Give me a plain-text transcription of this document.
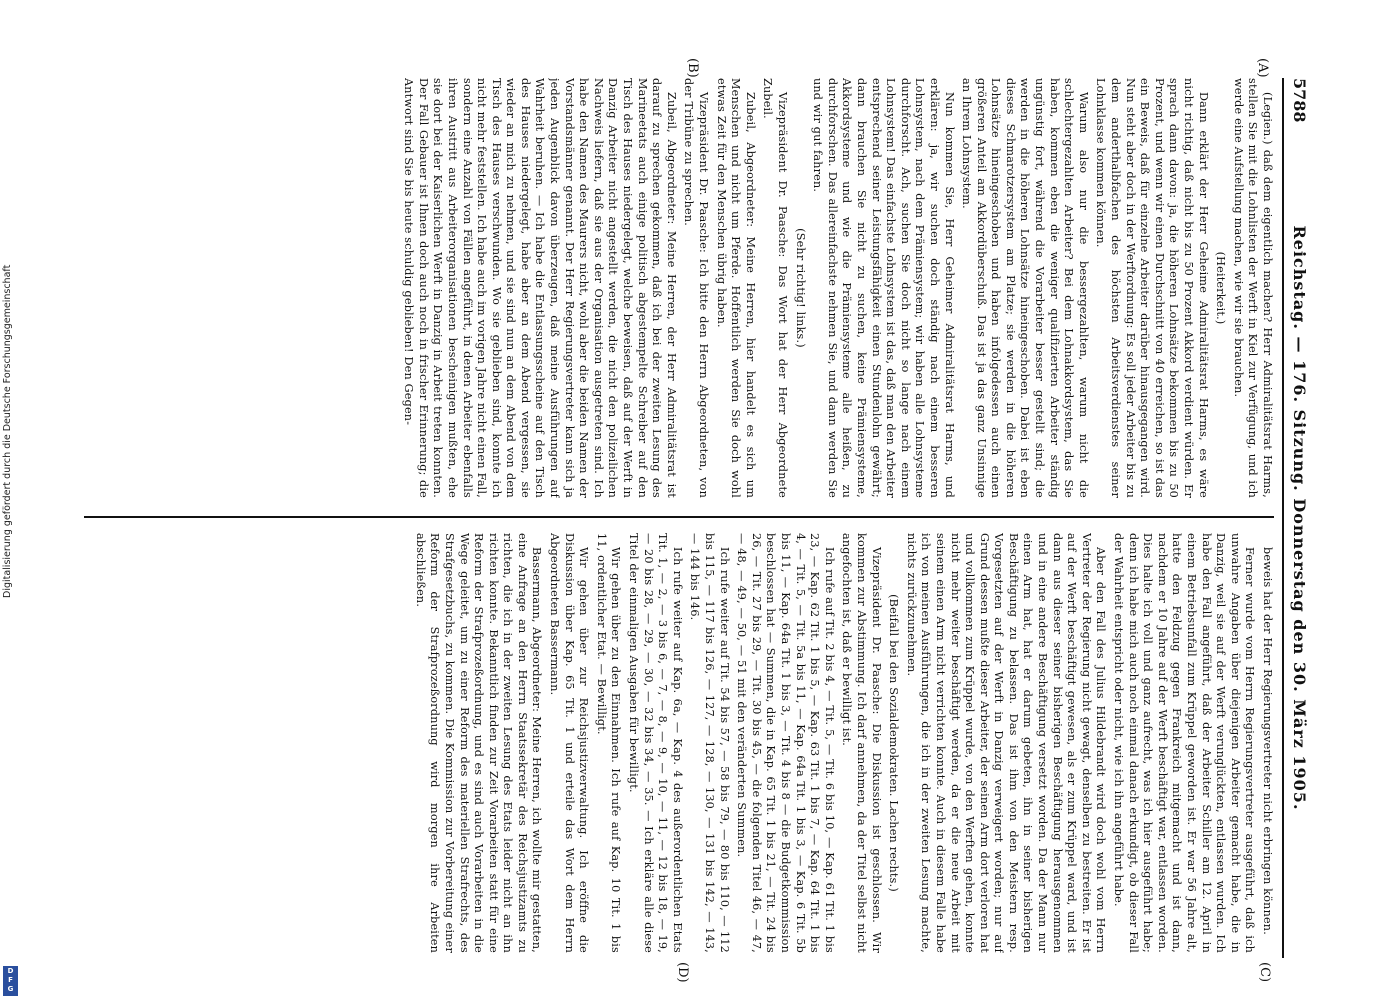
5788
Reichstag. — 176. Sitzung. Donnerstag den 30. März 1905.
(A)
(B)
(C)
(D)

(Legien.) daß dem eigentlich machen? Herr Admiralitätsrat Harms, stellen Sie mit die Lohnlisten der Werft in Kiel zur Verfügung, und ich werde eine Aufstellung machen, wie wir sie brauchen.

(Heiterkeit.)

Dann erklärt der Herr Geheime Admiralitätsrat Harms, es wäre nicht richtig, daß nicht bis zu 50 Prozent Akkord verdient würden. Er sprach dann davon: ja, die höheren Lohnsätze bekommen bis zu 50 Prozent, und wenn wir einen Durchschnitt von 40 erreichen, so ist das ein Beweis, daß für einzelne Arbeiter darüber hinausgegangen wird. Nun steht aber doch in der Werftordnung: Es soll jeder Arbeiter bis zu dem anderthalbfachen des höchsten Arbeitsverdienstes seiner Lohnklasse kommen können.

Warum also nur die bessergezahlten, warum nicht die schlechtergezahlten Arbeiter? Bei dem Lohnakkordsystem, das Sie haben, kommen eben die weniger qualifizierten Arbeiter ständig ungünstig fort, während die Vorarbeiter besser gestellt sind; die werden in die höheren Lohnsätze hineingeschoben. Dabei ist eben dieses Schmarotzersystem am Platze; sie werden in die höheren Lohnsätze hineingeschoben und haben infolgedessen auch einen größeren Anteil am Akkordüberschuß. Das ist ja das ganz Unsinnige an Ihrem Lohnsystem.

Nun kommen Sie, Herr Geheimer Admiralitätsrat Harms, und erklären: ja, wir suchen doch ständig nach einem besseren Lohnsystem, nach dem Prämiensystem; wir haben alle Lohnsysteme durchforscht. Ach, suchen Sie doch nicht so lange nach einem Lohnsystem! Das einfachste Lohnsystem ist das, daß man den Arbeiter entsprechend seiner Leistungsfähigkeit einen Stundenlohn gewährt; dann brauchen Sie nicht zu suchen, keine Prämiensysteme, Akkordsysteme und wie die Prämiensysteme alle heißen, zu durchforschen. Das allereinfachste nehmen Sie, und dann werden Sie und wir gut fahren.

(Sehr richtig! links.)

Vizepräsident Dr. Paasche: Das Wort hat der Herr Abgeordnete Zubeil.

Zubeil, Abgeordneter: Meine Herren, hier handelt es sich um Menschen und nicht um Pferde. Hoffentlich werden Sie doch wohl etwas Zeit für den Menschen übrig haben.

Vizepräsident Dr. Paasche: Ich bitte den Herrn Abgeordneten, von der Tribüne zu sprechen.

Zubeil, Abgeordneter: Meine Herren, der Herr Admiralitätsrat ist darauf zu sprechen gekommen, daß ich bei der zweiten Lesung des Marineetats auch einige politisch abgestempelte Schreiber auf den Tisch des Hauses niedergelegt, welche beweisen, daß auf der Werft in Danzig Arbeiter nicht angestellt werden, die nicht den polizeilichen Nachweis liefern, daß sie aus der Organisation ausgetreten sind. Ich habe den Namen des Maurers nicht, wohl aber die beiden Namen der Vorstandsmänner genannt. Der Herr Regierungsvertreter kann sich ja jeden Augenblick davon überzeugen, daß meine Ausführungen auf Wahrheit beruhen. — Ich habe die Entlassungsscheine auf den Tisch des Hauses niedergelegt, habe aber an dem Abend vergessen, sie wieder an mich zu nehmen, und sie sind nun an dem Abend von dem Tisch des Hauses verschwunden. Wo sie geblieben sind, konnte ich nicht mehr feststellen. Ich habe auch im vorigen Jahre nicht einen Fall, sondern eine Anzahl von Fällen angeführt, in denen Arbeiter ebenfalls ihren Austritt aus Arbeiterorganisationen bescheinigen mußten, ehe sie dort bei der Kaiserlichen Werft in Danzig in Arbeit treten konnten. Der Fall Gebauer ist Ihnen doch auch noch in frischer Erinnerung; die Antwort sind Sie bis heute schuldig geblieben! Den Gegen-

beweis hat der Herr Regierungsvertreter nicht erbringen können.

Ferner wurde vom Herrn Regierungsvertreter ausgeführt, daß ich unwahre Angaben über diejenigen Arbeiter gemacht habe, die in Danzig, weil sie auf der Werft verunglückten, entlassen wurden. Ich habe den Fall angeführt, daß der Arbeiter Schiller am 12. April in einem Betriebsunfall zum Krüppel geworden ist. Er war 56 Jahre alt, hatte den Feldzug gegen Frankreich mitgemacht und ist dann, nachdem er 10 Jahre auf der Werft beschäftigt war, entlassen worden. Dies halte ich voll und ganz aufrecht, was ich hier ausgeführt habe; denn ich habe mich auch noch einmal danach erkundigt, ob dieser Fall der Wahrheit entspricht oder nicht, wie ich ihn angeführt habe.

Aber den Fall des Julius Hildebrandt wird doch wohl vom Herrn Vertreter der Regierung nicht gewagt, denselben zu bestreiten. Er ist auf der Werft beschäftigt gewesen, als er zum Krüppel ward, und ist dann aus dieser seiner bisherigen Beschäftigung herausgenommen und in eine andere Beschäftigung versetzt worden. Da der Mann nur einen Arm hat, hat er darum gebeten, ihn in seiner bisherigen Beschäftigung zu belassen. Das ist ihm von den Meistern resp. Vorgesetzten auf der Werft in Danzig verweigert worden; nur auf Grund dessen mußte dieser Arbeiter, der seinen Arm dort verloren hat und vollkommen zum Krüppel wurde, von den Werften gehen, konnte nicht mehr weiter beschäftigt werden, da er die neue Arbeit mit seinem einen Arm nicht verrichten konnte. Auch in diesem Falle habe ich von meinen Ausführungen, die ich in der zweiten Lesung machte, nichts zurückzunehmen.

(Beifall bei den Sozialdemokraten. Lachen rechts.)

Vizepräsident Dr. Paasche: Die Diskussion ist geschlossen. Wir kommen zur Abstimmung. Ich darf annehmen, da der Titel selbst nicht angefochten ist, daß er bewilligt ist.

Ich rufe auf Tit. 2 bis 4, — Tit. 5, — Tit. 6 bis 10, — Kap. 61 Tit. 1 bis 23, — Kap. 62 Tit. 1 bis 5, — Kap. 63 Tit. 1 bis 7, — Kap. 64 Tit. 1 bis 4, — Tit. 5, — Tit. 5a bis 11, — Kap. 64a Tit. 1 bis 3, — Kap. 6 Tit. 5b bis 11, — Kap. 64a Tit. 1 bis 3, — Tit. 4 bis 8 — die Budgetkommission beschlossen hat — Summen, die in Kap. 65 Tit. 1 bis 21, — Tit. 24 bis 26, — Tit. 27 bis 29, — Tit. 30 bis 45, — die folgenden Titel 46, — 47, — 48, — 49, — 50, — 51 mit den veränderten Summen.

Ich rufe weiter auf Tit. 54 bis 57, — 58 bis 79, — 80 bis 110, — 112 bis 115, — 117 bis 126, — 127, — 128, — 130, — 131 bis 142, — 143, — 144 bis 146.

Ich rufe weiter auf Kap. 6a, — Kap. 4 des außerordentlichen Etats Tit. 1, — 2, — 3 bis 6, — 7, — 8, — 9, — 10, — 11, — 12 bis 18, — 19, — 20 bis 28, — 29, — 30, — 32 bis 34, — 35. — Ich erkläre alle diese Titel der einmaligen Ausgaben für bewilligt.

Wir gehen über zu den Einnahmen. Ich rufe auf Kap. 10 Tit. 1 bis 11, ordentlicher Etat. — Bewilligt.

Wir gehen über zur Reichsjustizverwaltung. Ich eröffne die Diskussion über Kap. 65 Tit. 1 und erteile das Wort dem Herrn Abgeordneten Bassermann.

Bassermann, Abgeordneter: Meine Herren, ich wollte mir gestatten, eine Anfrage an den Herrn Staatssekretär des Reichsjustizamts zu richten, die ich in der zweiten Lesung des Etats leider nicht an ihn richten konnte. Bekanntlich finden zur Zeit Vorarbeiten statt für eine Reform der Strafprozeßordnung, und es sind auch Vorarbeiten in die Wege geleitet, um zu einer Reform des materiellen Strafrechts, des Strafgesetzbuchs, zu kommen. Die Kommission zur Vorbereitung einer Reform der Strafprozeßordnung wird morgen ihre Arbeiten abschließen.

Digitalisierung gefördert durch die Deutsche Forschungsgemeinschaft
D
F
G
